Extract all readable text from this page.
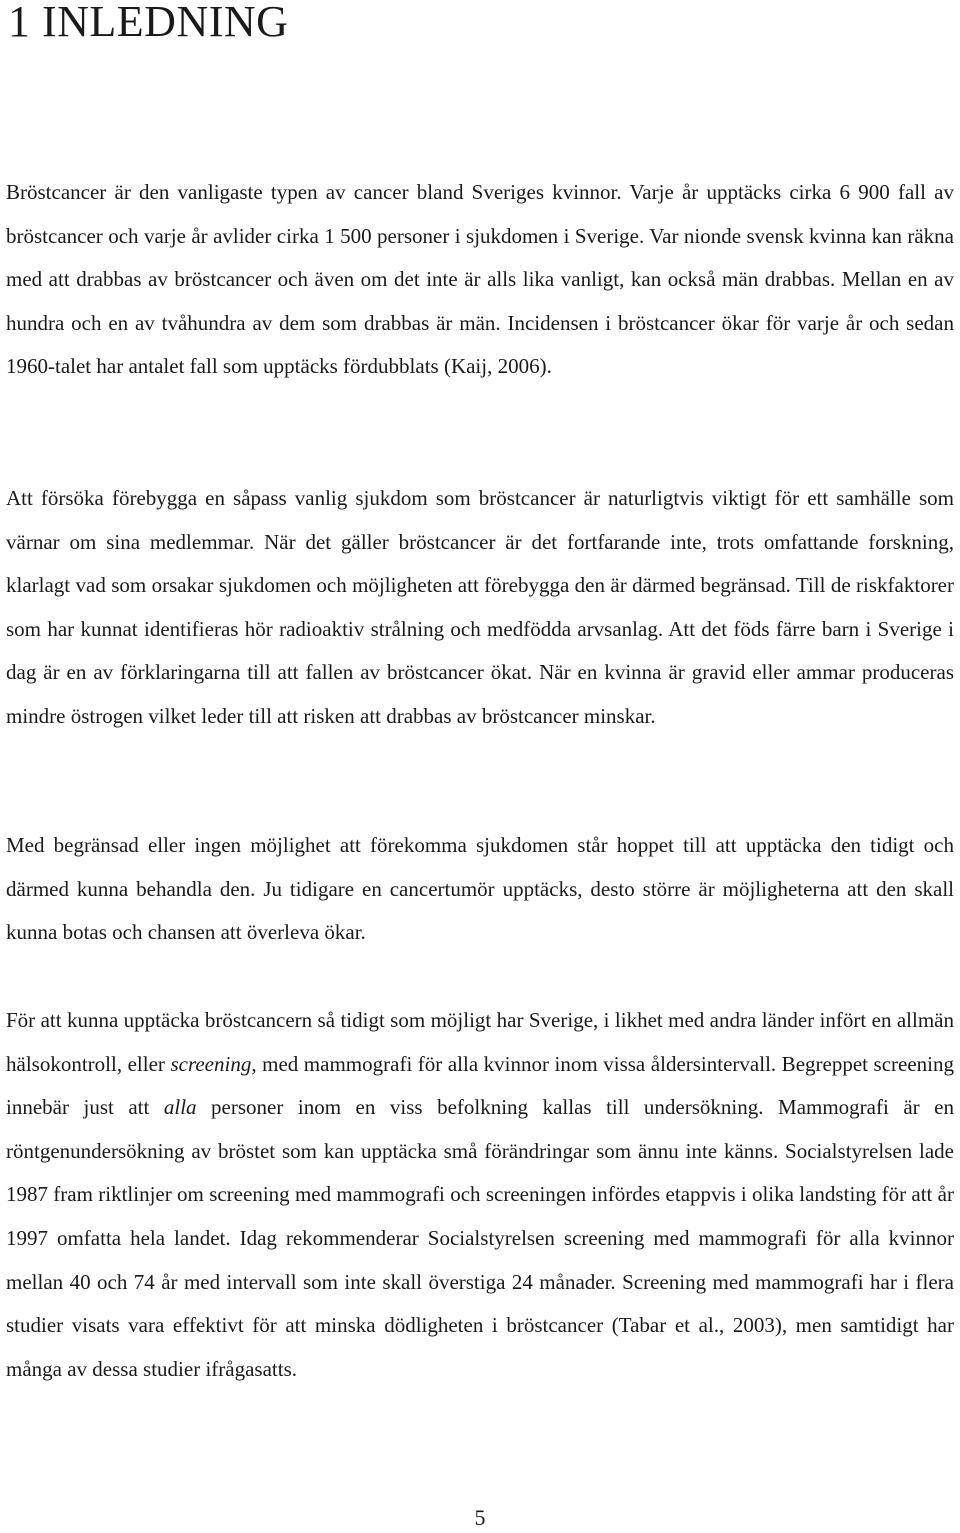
1 INLEDNING

Bröstcancer är den vanligaste typen av cancer bland Sveriges kvinnor. Varje år upptäcks cirka 6 900 fall av bröstcancer och varje år avlider cirka 1 500 personer i sjukdomen i Sverige. Var nionde svensk kvinna kan räkna med att drabbas av bröstcancer och även om det inte är alls lika vanligt, kan också män drabbas. Mellan en av hundra och en av tvåhundra av dem som drabbas är män. Incidensen i bröstcancer ökar för varje år och sedan 1960-talet har antalet fall som upptäcks fördubblats (Kaij, 2006).

Att försöka förebygga en såpass vanlig sjukdom som bröstcancer är naturligtvis viktigt för ett samhälle som värnar om sina medlemmar. När det gäller bröstcancer är det fortfarande inte, trots omfattande forskning, klarlagt vad som orsakar sjukdomen och möjligheten att förebygga den är därmed begränsad. Till de riskfaktorer som har kunnat identifieras hör radioaktiv strålning och medfödda arvsanlag. Att det föds färre barn i Sverige i dag är en av förklaringarna till att fallen av bröstcancer ökat. När en kvinna är gravid eller ammar produceras mindre östrogen vilket leder till att risken att drabbas av bröstcancer minskar.

Med begränsad eller ingen möjlighet att förekomma sjukdomen står hoppet till att upptäcka den tidigt och därmed kunna behandla den. Ju tidigare en cancertumör upptäcks, desto större är möjligheterna att den skall kunna botas och chansen att överleva ökar.

För att kunna upptäcka bröstcancern så tidigt som möjligt har Sverige, i likhet med andra länder infört en allmän hälsokontroll, eller screening, med mammografi för alla kvinnor inom vissa åldersintervall. Begreppet screening innebär just att alla personer inom en viss befolkning kallas till undersökning. Mammografi är en röntgenundersökning av bröstet som kan upptäcka små förändringar som ännu inte känns. Socialstyrelsen lade 1987 fram riktlinjer om screening med mammografi och screeningen infördes etappvis i olika landsting för att år 1997 omfatta hela landet. Idag rekommenderar Socialstyrelsen screening med mammografi för alla kvinnor mellan 40 och 74 år med intervall som inte skall överstiga 24 månader. Screening med mammografi har i flera studier visats vara effektivt för att minska dödligheten i bröstcancer (Tabar et al., 2003), men samtidigt har många av dessa studier ifrågasatts.

5
